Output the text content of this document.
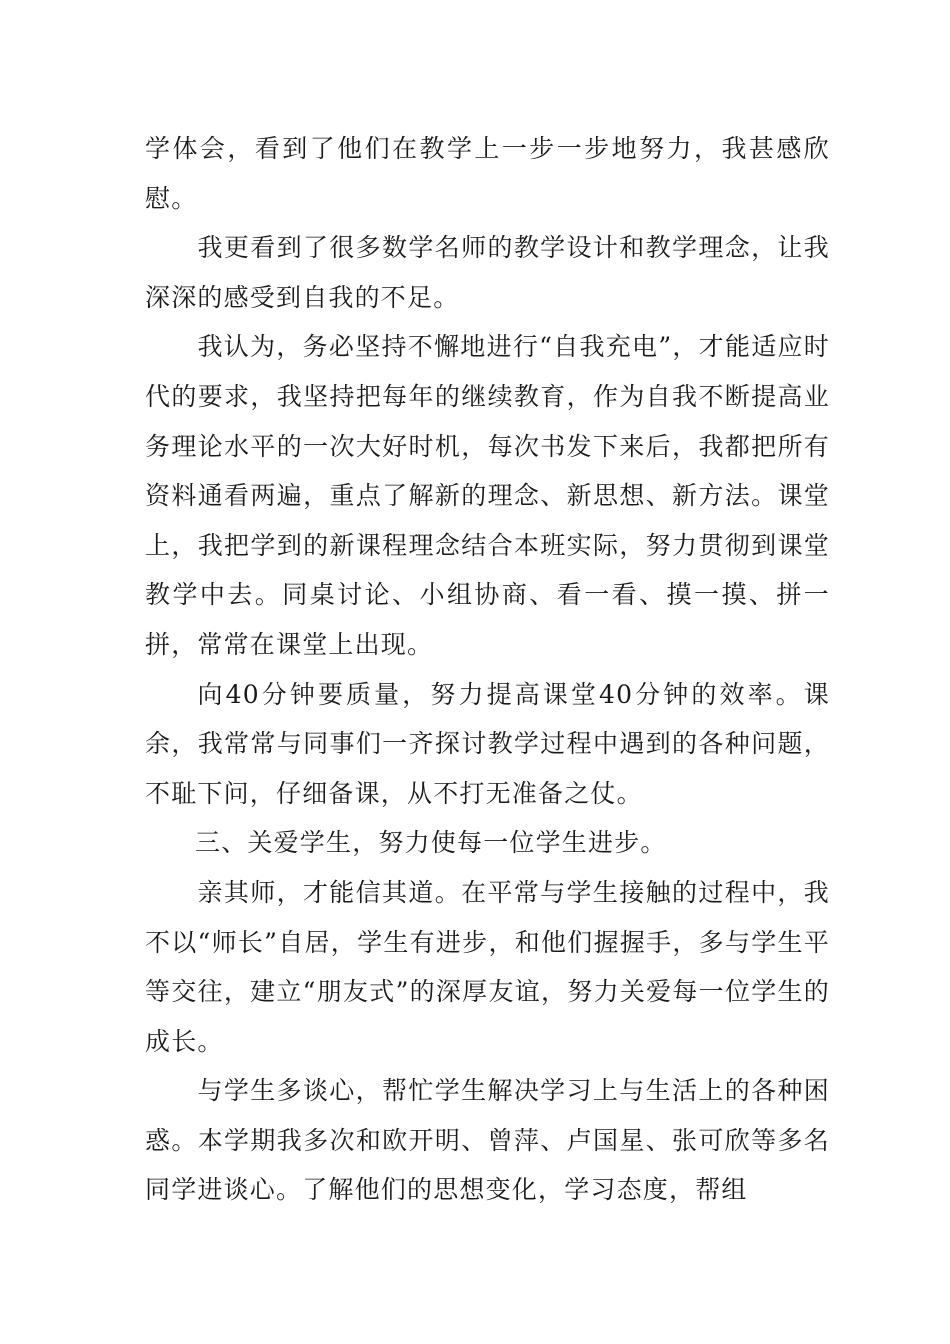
学体会，看到了他们在教学上一步一步地努力，我甚感欣慰。

我更看到了很多数学名师的教学设计和教学理念，让我深深的感受到自我的不足。

我认为，务必坚持不懈地进行“自我充电”，才能适应时代的要求，我坚持把每年的继续教育，作为自我不断提高业务理论水平的一次大好时机，每次书发下来后，我都把所有资料通看两遍，重点了解新的理念、新思想、新方法。课堂上，我把学到的新课程理念结合本班实际，努力贯彻到课堂教学中去。同桌讨论、小组协商、看一看、摸一摸、拼一拼，常常在课堂上出现。

向40分钟要质量，努力提高课堂40分钟的效率。课余，我常常与同事们一齐探讨教学过程中遇到的各种问题，不耻下问，仔细备课，从不打无准备之仗。

三、关爱学生，努力使每一位学生进步。

亲其师，才能信其道。在平常与学生接触的过程中，我不以“师长”自居，学生有进步，和他们握握手，多与学生平等交往，建立“朋友式”的深厚友谊，努力关爱每一位学生的成长。

与学生多谈心，帮忙学生解决学习上与生活上的各种困惑。本学期我多次和欧开明、曾萍、卢国星、张可欣等多名同学进谈心。了解他们的思想变化，学习态度，帮组
